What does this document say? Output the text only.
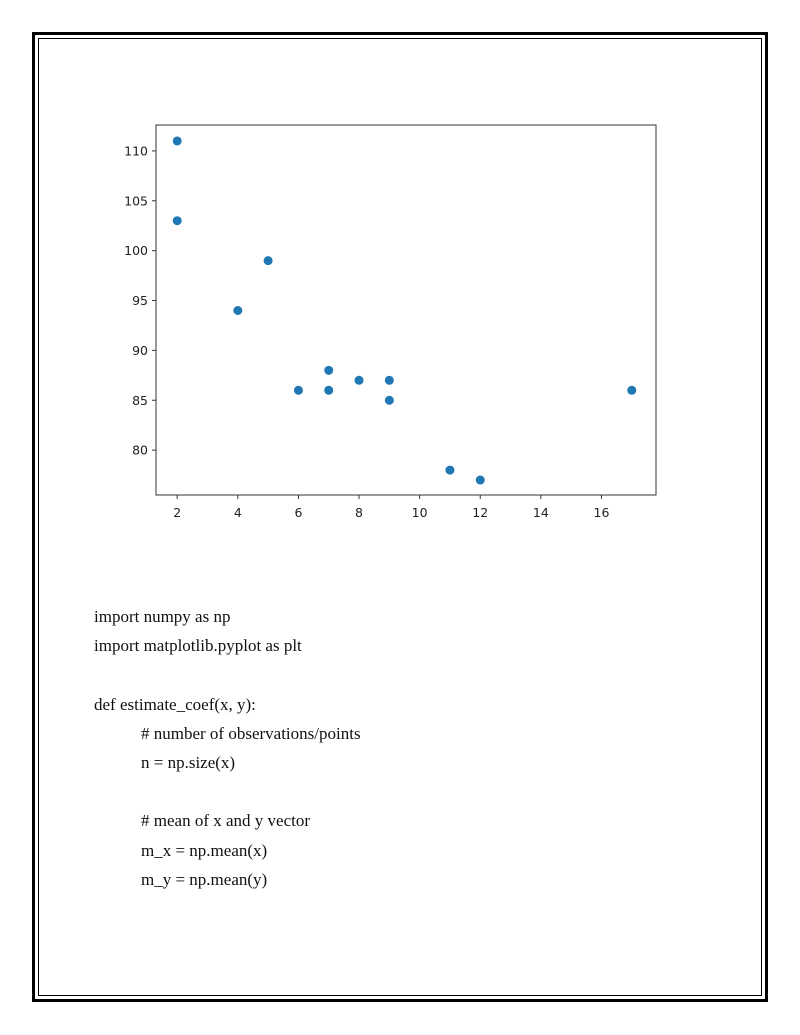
2	4	6	8	10	12	14	16
80
85
90
95
100
105
110
import numpy as np
import matplotlib.pyplot as plt
def estimate_coef(x, y):
# number of observations/points
n = np.size(x)
# mean of x and y vector
m_x = np.mean(x)
m_y = np.mean(y)
